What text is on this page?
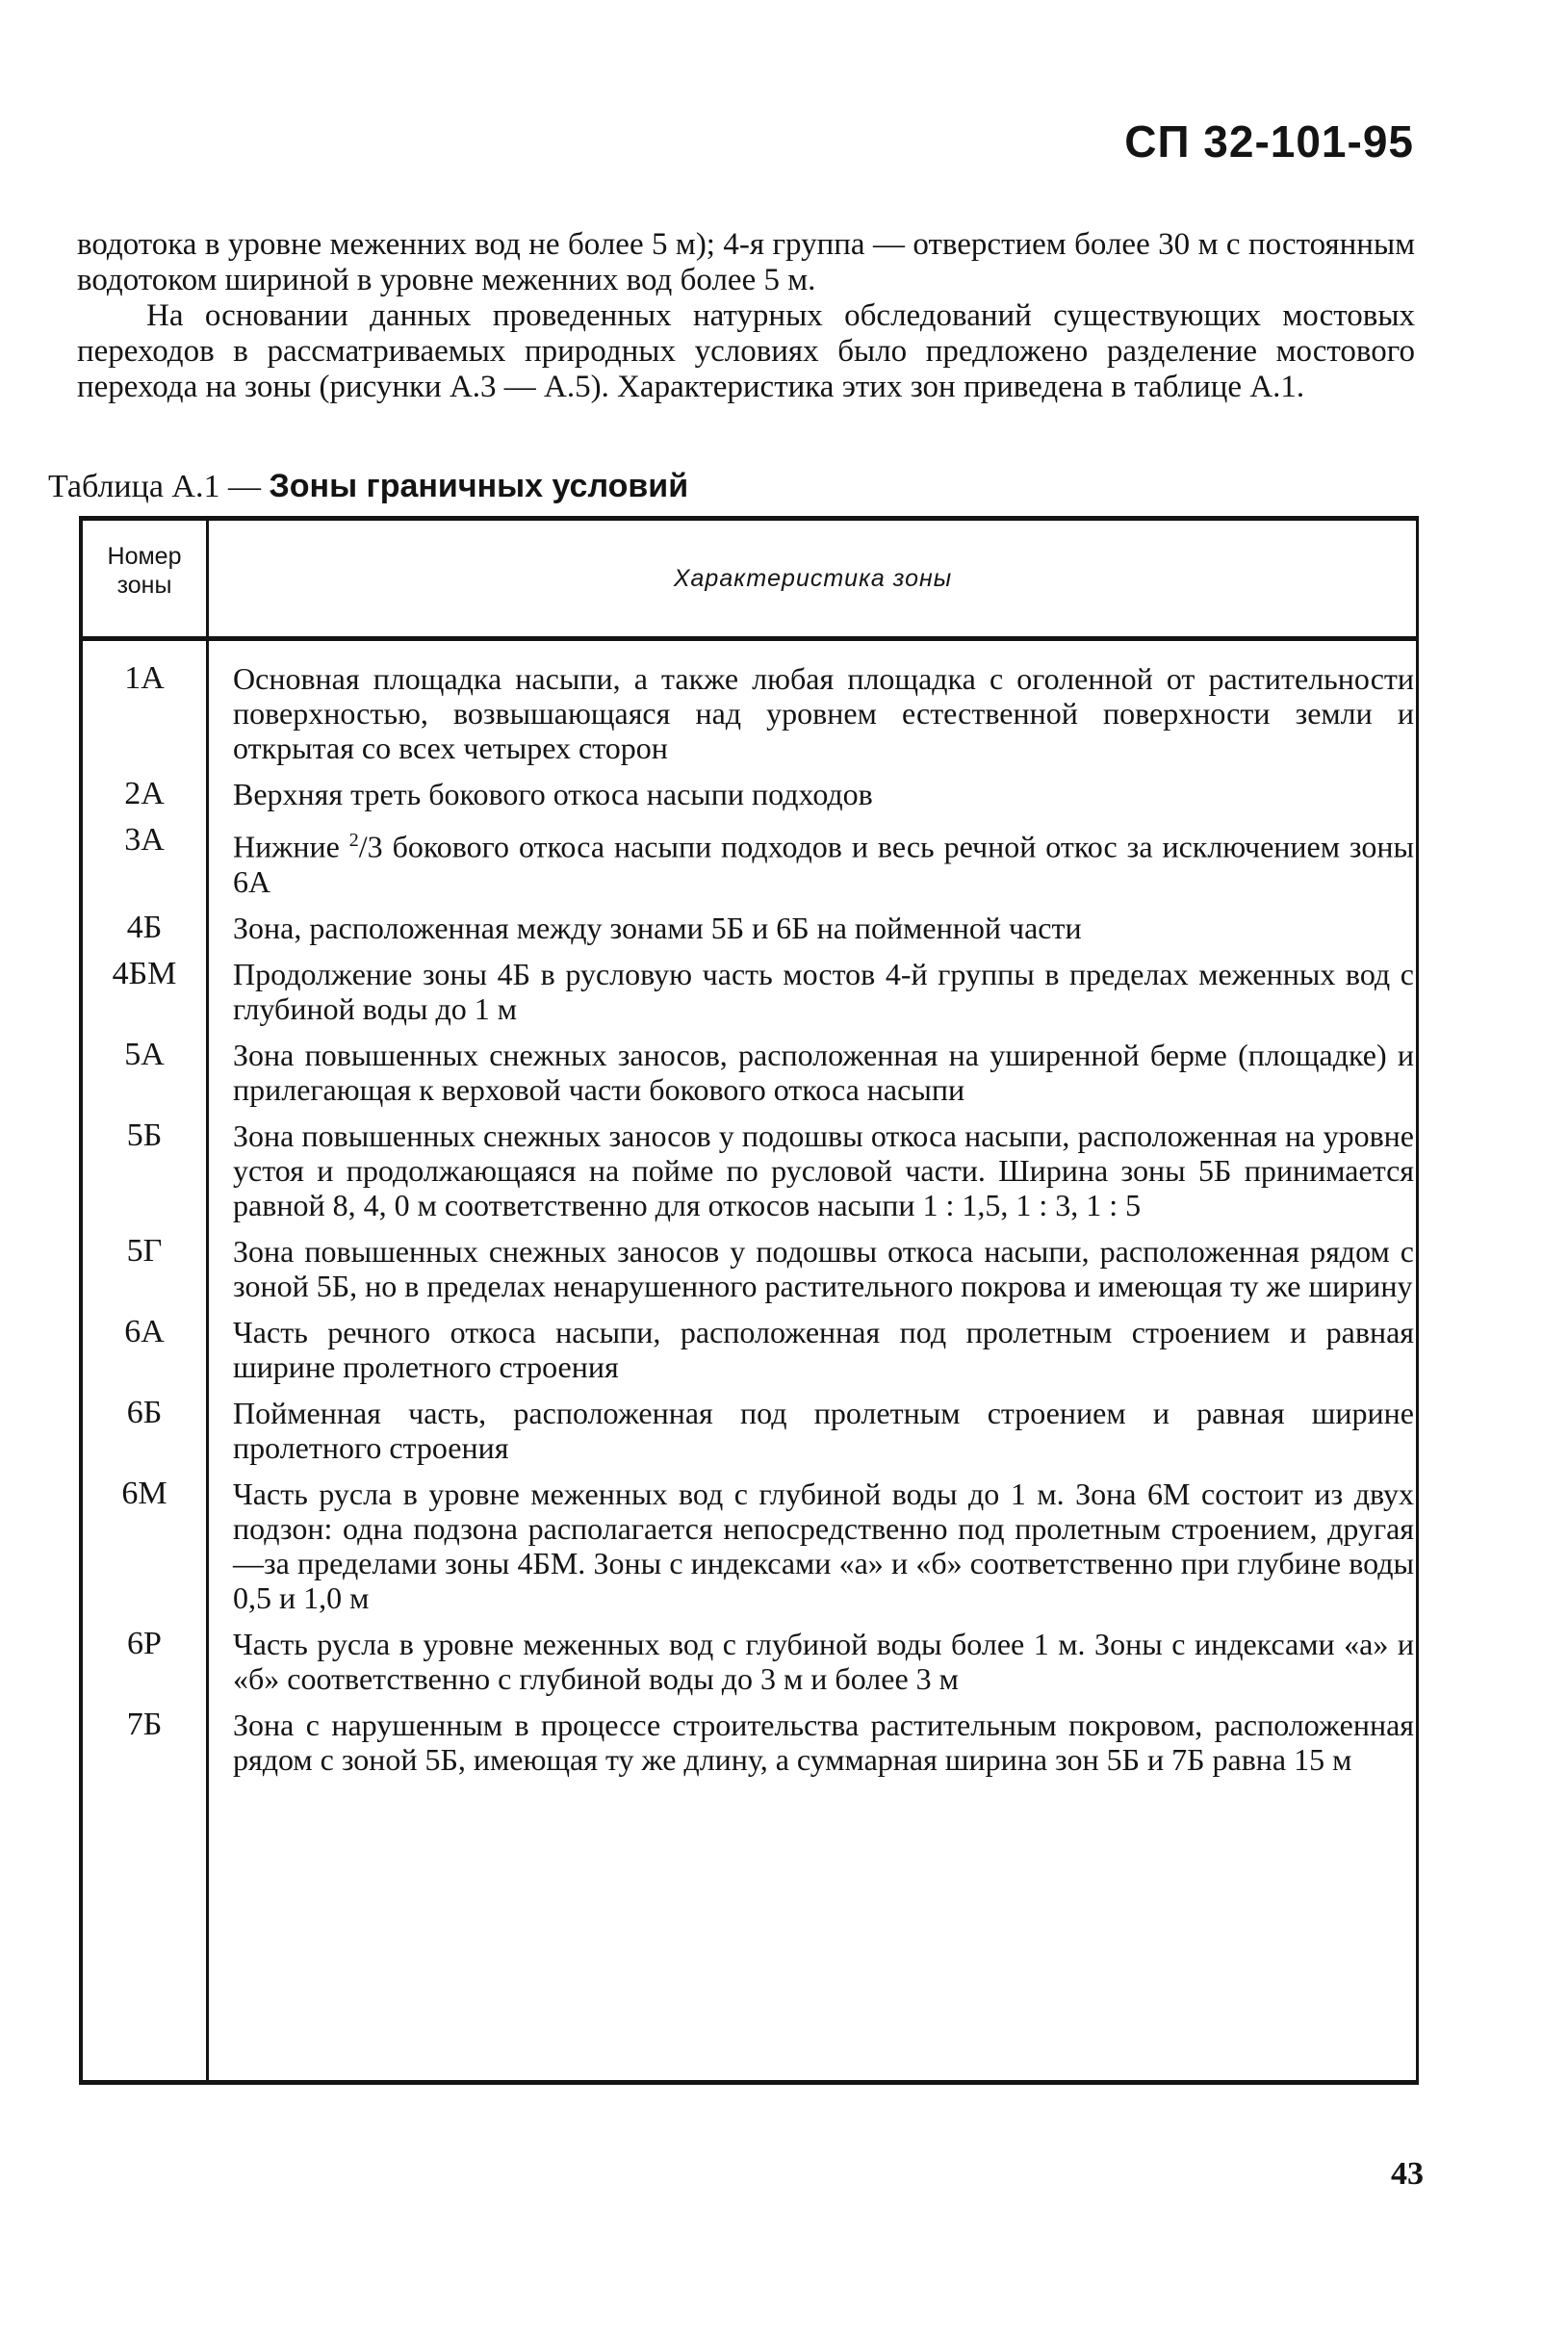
СП 32-101-95

водотока в уровне меженних вод не более 5 м); 4-я группа — отверстием более 30 м с постоянным водотоком шириной в уровне меженних вод более 5 м.

На основании данных проведенных натурных обследований существующих мостовых переходов в рассматриваемых природных условиях было предложено разделение мостового перехода на зоны (рисунки А.3 — А.5). Характеристика этих зон приведена в таблице А.1.

Таблица А.1 — Зоны граничных условий
Номер
зоны	Характеристика зоны
1А	Основная площадка насыпи, а также любая площадка с оголенной от растительности поверхностью, возвышающаяся над уровнем естественной поверхности земли и открытая со всех четырех сторон
2А	Верхняя треть бокового откоса насыпи подходов
3А	Нижние $^2$/3 бокового откоса насыпи подходов и весь речной откос за исключением зоны 6А
4Б	Зона, расположенная между зонами 5Б и 6Б на пойменной части
4БМ	Продолжение зоны 4Б в русловую часть мостов 4-й группы в пределах меженных вод с глубиной воды до 1 м
5А	Зона повышенных снежных заносов, расположенная на уширенной берме (площадке) и прилегающая к верховой части бокового откоса насыпи
5Б	Зона повышенных снежных заносов у подошвы откоса насыпи, расположенная на уровне устоя и продолжающаяся на пойме по русловой части. Ширина зоны 5Б принимается равной 8, 4, 0 м соответственно для откосов насыпи 1 : 1,5, 1 : 3, 1 : 5
5Г	Зона повышенных снежных заносов у подошвы откоса насыпи, расположенная рядом с зоной 5Б, но в пределах ненарушенного растительного покрова и имеющая ту же ширину
6А	Часть речного откоса насыпи, расположенная под пролетным строением и равная ширине пролетного строения
6Б	Пойменная часть, расположенная под пролетным строением и равная ширине пролетного строения
6М	Часть русла в уровне меженных вод с глубиной воды до 1 м. Зона 6М состоит из двух подзон: одна подзона располагается непосредственно под пролетным строением, другая—за пределами зоны 4БМ. Зоны с индексами «а» и «б» соответственно при глубине воды 0,5 и 1,0 м
6Р	Часть русла в уровне меженных вод с глубиной воды более 1 м. Зоны с индексами «а» и «б» соответственно с глубиной воды до 3 м и более 3 м
7Б	Зона с нарушенным в процессе строительства растительным покровом, расположенная рядом с зоной 5Б, имеющая ту же длину, а суммарная ширина зон 5Б и 7Б равна 15 м
43
